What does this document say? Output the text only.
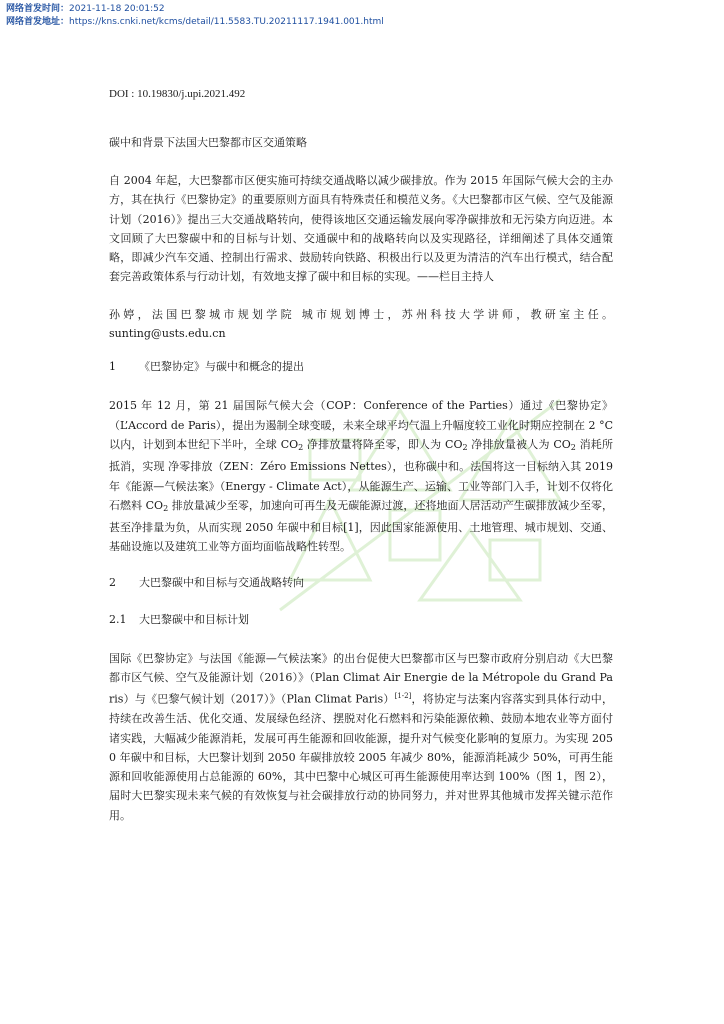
网络首发时间：2021-11-18 20:01:52
网络首发地址：https://kns.cnki.net/kcms/detail/11.5583.TU.20211117.1941.001.html
DOI : 10.19830/j.upi.2021.492
碳中和背景下法国大巴黎都市区交通策略
自 2004 年起，大巴黎都市区便实施可持续交通战略以减少碳排放。作为 2015 年国际气候大会的主办方，其在执行《巴黎协定》的重要原则方面具有特殊责任和模范义务。《大巴黎都市区气候、空气及能源计划（2016）》提出三大交通战略转向，使得该地区交通运输发展向零净碳排放和无污染方向迈进。本文回顾了大巴黎碳中和的目标与计划、交通碳中和的战略转向以及实现路径，详细阐述了具体交通策略，即减少汽车交通、控制出行需求、鼓励转向铁路、积极出行以及更为清洁的汽车出行模式，结合配套完善政策体系与行动计划，有效地支撑了碳中和目标的实现。——栏目主持人
孙婷，法国巴黎城市规划学院 城市规划博士，苏州科技大学讲师，教研室主任。sunting@usts.edu.cn
1 《巴黎协定》与碳中和概念的提出
2015 年 12 月，第 21 届国际气候大会（COP：Conference of the Parties）通过《巴黎协定》（L’Accord de Paris），提出为遏制全球变暖，未来全球平均气温上升幅度较工业化时期应控制在 2 °C 以内，计划到本世纪下半叶，全球 $CO_2$ 净排放量将降至零，即人为 $CO_2$ 净排放量被人为 $CO_2$ 消耗所抵消，实现 净零排放（ZEN：Zéro Emissions Nettes），也称碳中和。法国将这一目标纳入其 2019 年《能源—气候法案》（Energy - Climate Act），从能源生产、运输、工业等部门入手，计划不仅将化石燃料 $CO_2$ 排放量减少至零，加速向可再生及无碳能源过渡，还将地面人居活动产生碳排放减少至零，甚至净排量为负，从而实现 2050 年碳中和目标[1]，因此国家能源使用、土地管理、城市规划、交通、基础设施以及建筑工业等方面均面临战略性转型。
2 大巴黎碳中和目标与交通战略转向
2.1 大巴黎碳中和目标计划
国际《巴黎协定》与法国《能源—气候法案》的出台促使大巴黎都市区与巴黎市政府分别启动《大巴黎都市区气候、空气及能源计划（2016）》（Plan Climat Air Energie de la Métropole du Grand Paris）与《巴黎气候计划（2017）》（Plan Climat Paris）[1-2]，将协定与法案内容落实到具体行动中，持续在改善生活、优化交通、发展绿色经济、摆脱对化石燃料和污染能源依赖、鼓励本地农业等方面付诸实践，大幅减少能源消耗，发展可再生能源和回收能源，提升对气候变化影响的复原力。为实现 2050 年碳中和目标，大巴黎计划到 2050 年碳排放较 2005 年减少 80%，能源消耗减少 50%，可再生能源和回收能源使用占总能源的 60%，其中巴黎中心城区可再生能源使用率达到 100%（图 1，图 2），届时大巴黎实现未来气候的有效恢复与社会碳排放行动的协同努力，并对世界其他城市发挥关键示范作用。
